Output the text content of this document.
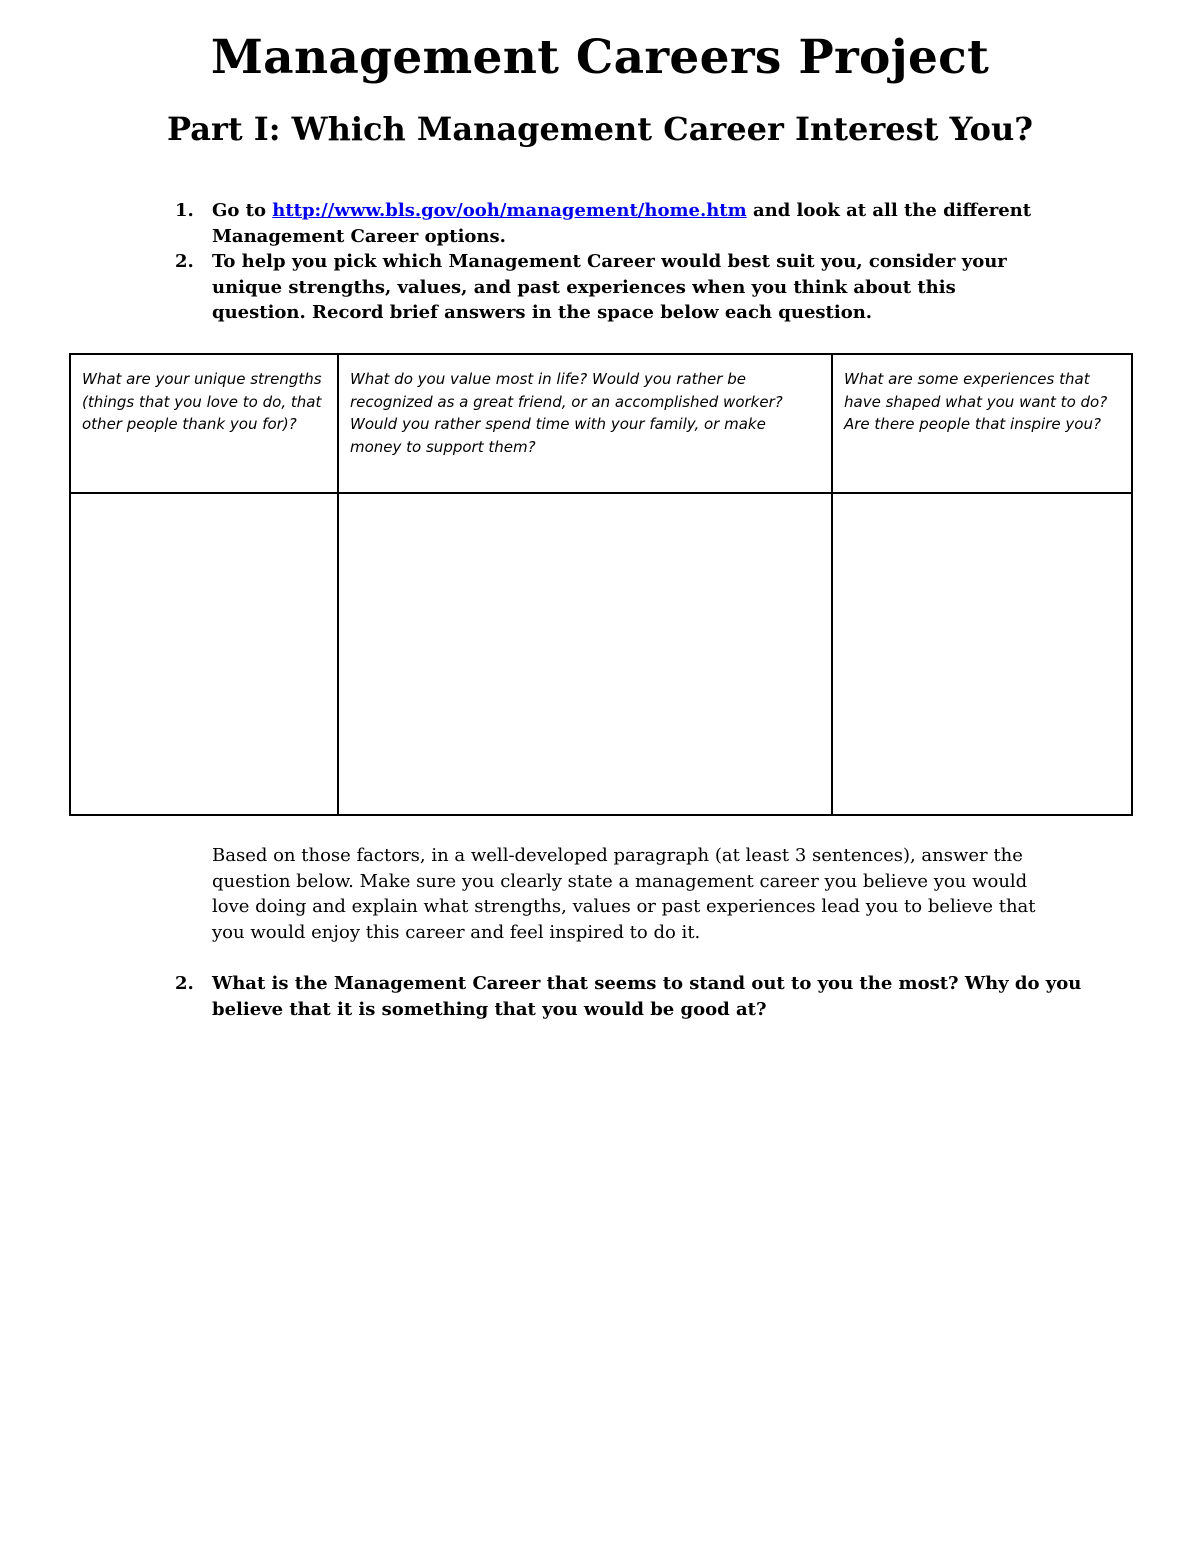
Management Careers Project
Part I: Which Management Career Interest You?
1. Go to http://www.bls.gov/ooh/management/home.htm and look at all the different Management Career options.
2. To help you pick which Management Career would best suit you, consider your unique strengths, values, and past experiences when you think about this question. Record brief answers in the space below each question.
What are your unique strengths (things that you love to do, that other people thank you for)?	What do you value most in life? Would you rather be recognized as a great friend, or an accomplished worker? Would you rather spend time with your family, or make money to support them?	What are some experiences that have shaped what you want to do? Are there people that inspire you?

Based on those factors, in a well-developed paragraph (at least 3 sentences), answer the question below. Make sure you clearly state a management career you believe you would love doing and explain what strengths, values or past experiences lead you to believe that you would enjoy this career and feel inspired to do it.

2. What is the Management Career that seems to stand out to you the most? Why do you believe that it is something that you would be good at?
